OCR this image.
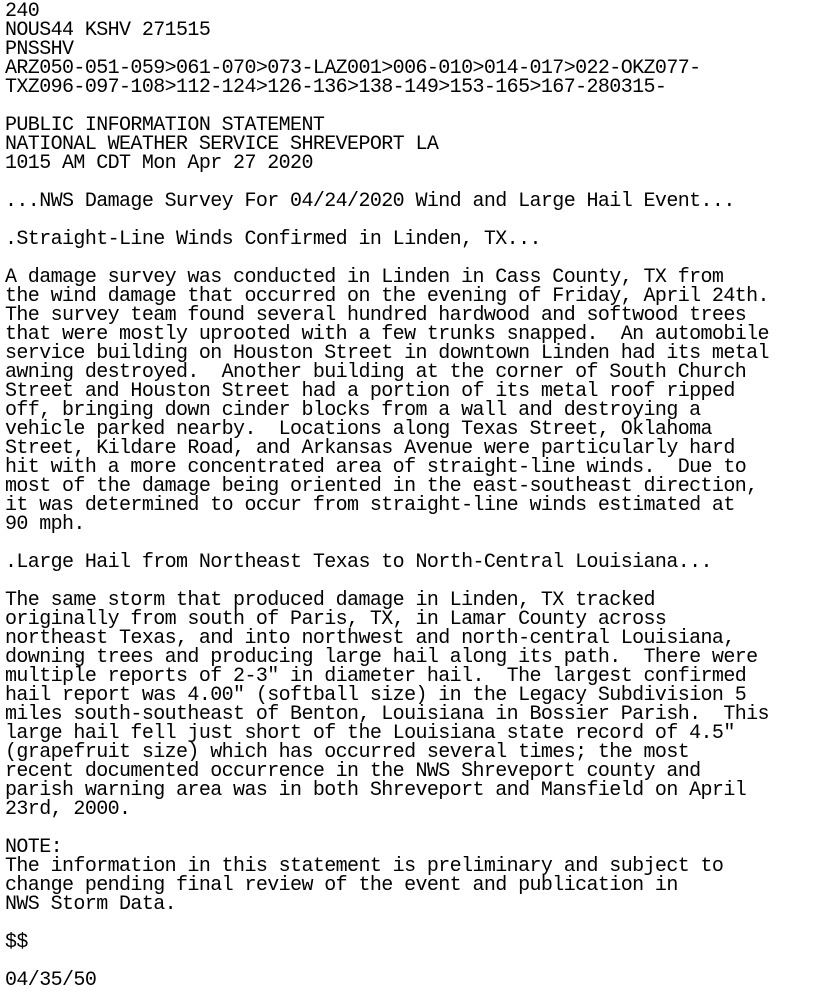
240
NOUS44 KSHV 271515
PNSSHV
ARZ050-051-059>061-070>073-LAZ001>006-010>014-017>022-OKZ077-
TXZ096-097-108>112-124>126-136>138-149>153-165>167-280315-
PUBLIC INFORMATION STATEMENT
NATIONAL WEATHER SERVICE SHREVEPORT LA
1015 AM CDT Mon Apr 27 2020
...NWS Damage Survey For 04/24/2020 Wind and Large Hail Event...
.Straight-Line Winds Confirmed in Linden, TX...
A damage survey was conducted in Linden in Cass County, TX from
the wind damage that occurred on the evening of Friday, April 24th.
The survey team found several hundred hardwood and softwood trees
that were mostly uprooted with a few trunks snapped.  An automobile
service building on Houston Street in downtown Linden had its metal
awning destroyed.  Another building at the corner of South Church
Street and Houston Street had a portion of its metal roof ripped
off, bringing down cinder blocks from a wall and destroying a
vehicle parked nearby.  Locations along Texas Street, Oklahoma
Street, Kildare Road, and Arkansas Avenue were particularly hard
hit with a more concentrated area of straight-line winds.  Due to
most of the damage being oriented in the east-southeast direction,
it was determined to occur from straight-line winds estimated at
90 mph.
.Large Hail from Northeast Texas to North-Central Louisiana...
The same storm that produced damage in Linden, TX tracked
originally from south of Paris, TX, in Lamar County across
northeast Texas, and into northwest and north-central Louisiana,
downing trees and producing large hail along its path.  There were
multiple reports of 2-3" in diameter hail.  The largest confirmed
hail report was 4.00" (softball size) in the Legacy Subdivision 5
miles south-southeast of Benton, Louisiana in Bossier Parish.  This
large hail fell just short of the Louisiana state record of 4.5"
(grapefruit size) which has occurred several times; the most
recent documented occurrence in the NWS Shreveport county and
parish warning area was in both Shreveport and Mansfield on April
23rd, 2000.
NOTE:
The information in this statement is preliminary and subject to
change pending final review of the event and publication in
NWS Storm Data.
$$
04/35/50
